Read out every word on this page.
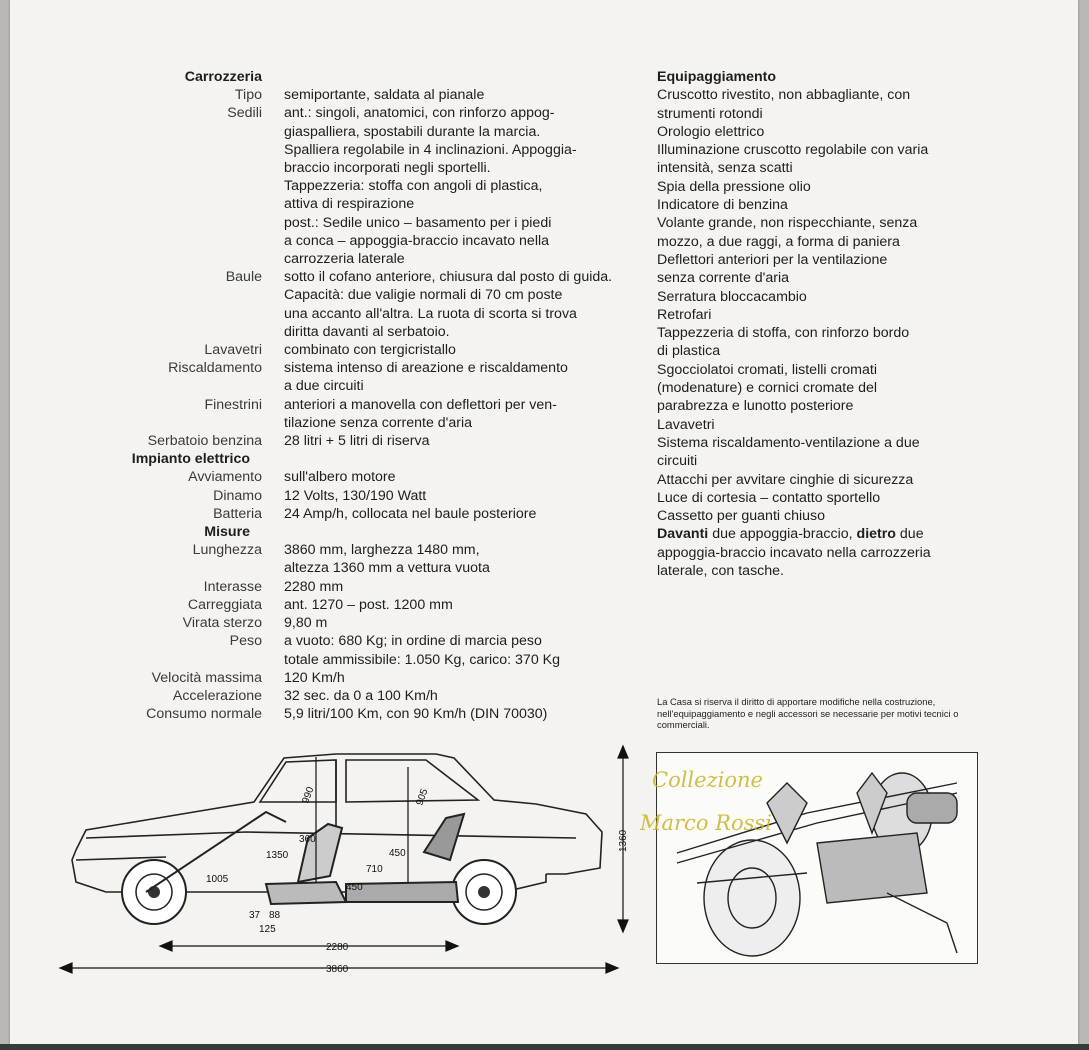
Carrozzeria
Tipo	semiportante, saldata al pianale
Sedili	ant.: singoli, anatomici, con rinforzo appog-
giaspalliera, spostabili durante la marcia.
Spalliera regolabile in 4 inclinazioni. Appoggia-
braccio incorporati negli sportelli.
Tappezzeria: stoffa con angoli di plastica,
attiva di respirazione
post.: Sedile unico – basamento per i piedi
a conca – appoggia-braccio incavato nella
carrozzeria laterale
Baule	sotto il cofano anteriore, chiusura dal posto di guida.
Capacità: due valigie normali di 70 cm poste
una accanto all'altra. La ruota di scorta si trova
diritta davanti al serbatoio.
Lavavetri	combinato con tergicristallo
Riscaldamento	sistema intenso di areazione e riscaldamento
a due circuiti
Finestrini	anteriori a manovella con deflettori per ven-
tilazione senza corrente d'aria
Serbatoio benzina	28 litri + 5 litri di riserva
Impianto elettrico
Avviamento	sull'albero motore
Dinamo	12 Volts, 130/190 Watt
Batteria	24 Amp/h, collocata nel baule posteriore
Misure
Lunghezza	3860 mm, larghezza 1480 mm,
altezza 1360 mm a vettura vuota
Interasse	2280 mm
Carreggiata	ant. 1270 – post. 1200 mm
Virata sterzo	9,80 m
Peso	a vuoto: 680 Kg; in ordine di marcia peso
totale ammissibile: 1.050 Kg, carico: 370 Kg
Velocità massima	120 Km/h
Accelerazione	32 sec. da 0 a 100 Km/h
Consumo normale	5,9 litri/100 Km, con 90 Km/h (DIN 70030)
Equipaggiamento
Cruscotto rivestito, non abbagliante, con
strumenti rotondi
Orologio elettrico
Illuminazione cruscotto regolabile con varia
intensità, senza scatti
Spia della pressione olio
Indicatore di benzina
Volante grande, non rispecchiante, senza
mozzo, a due raggi, a forma di paniera
Deflettori anteriori per la ventilazione
senza corrente d'aria
Serratura bloccacambio
Retrofari
Tappezzeria di stoffa, con rinforzo bordo
di plastica
Sgocciolatoi cromati, listelli cromati
(modenature) e cornici cromate del
parabrezza e lunotto posteriore
Lavavetri
Sistema riscaldamento-ventilazione a due
circuiti
Attacchi per avvitare cinghie di sicurezza
Luce di cortesia – contatto sportello
Cassetto per guanti chiuso
Davanti due appoggia-braccio, dietro due
appoggia-braccio incavato nella carrozzeria
laterale, con tasche.
La Casa si riserva il diritto di apportare modifiche nella costruzione, nell'equipaggiamento e negli accessori se necessarie per motivi tecnici o commerciali.
2280
3860
1360
990	905
360
1350
1005
710
450
450
37 88
125
Collezione
Marco Rossi
